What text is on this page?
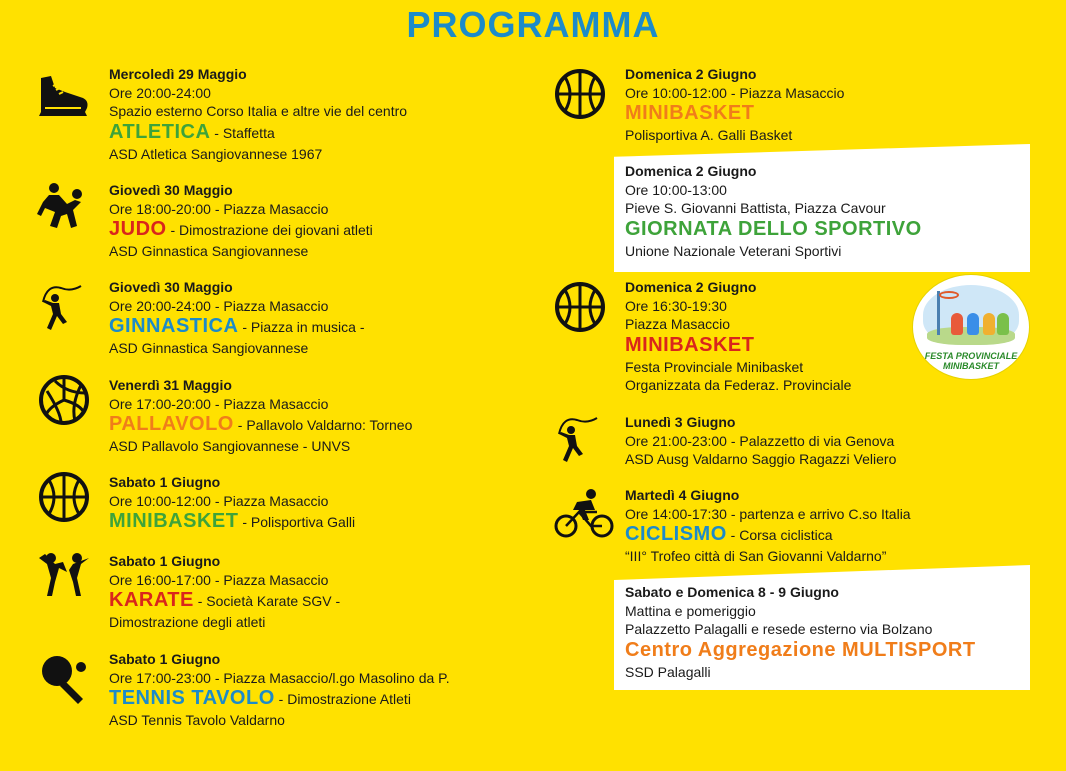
PROGRAMMA
Mercoledì 29 Maggio
Ore 20:00-24:00
Spazio esterno Corso Italia e altre vie del centro
ATLETICA - Staffetta
ASD Atletica Sangiovannese 1967
Giovedì 30 Maggio
Ore 18:00-20:00 - Piazza Masaccio
JUDO - Dimostrazione dei giovani atleti
ASD Ginnastica Sangiovannese
Giovedì 30 Maggio
Ore 20:00-24:00 - Piazza Masaccio
GINNASTICA - Piazza in musica -
ASD Ginnastica Sangiovannese
Venerdì 31 Maggio
Ore 17:00-20:00 - Piazza Masaccio
PALLAVOLO - Pallavolo Valdarno: Torneo
ASD Pallavolo Sangiovannese - UNVS
Sabato 1 Giugno
Ore 10:00-12:00 - Piazza Masaccio
MINIBASKET - Polisportiva Galli
Sabato 1 Giugno
Ore 16:00-17:00 - Piazza Masaccio
KARATE - Società Karate SGV -
Dimostrazione degli atleti
Sabato 1 Giugno
Ore 17:00-23:00 - Piazza Masaccio/l.go Masolino da P.
TENNIS TAVOLO - Dimostrazione Atleti
ASD Tennis Tavolo Valdarno
Domenica 2 Giugno
Ore 10:00-12:00 - Piazza Masaccio
MINIBASKET
Polisportiva A. Galli Basket
Domenica 2 Giugno
Ore 10:00-13:00
Pieve S. Giovanni Battista, Piazza Cavour
GIORNATA DELLO SPORTIVO
Unione Nazionale Veterani Sportivi
Domenica 2 Giugno
Ore 16:30-19:30
Piazza Masaccio
MINIBASKET
Festa Provinciale Minibasket
Organizzata da Federaz. Provinciale
FESTA PROVINCIALE
MINIBASKET
Lunedì 3 Giugno
Ore 21:00-23:00 - Palazzetto di via Genova
ASD Ausg Valdarno Saggio Ragazzi Veliero
Martedì 4 Giugno
Ore 14:00-17:30 - partenza e arrivo C.so Italia
CICLISMO - Corsa ciclistica
“III° Trofeo città di San Giovanni Valdarno”
Sabato e Domenica 8 - 9 Giugno
Mattina e pomeriggio
Palazzetto Palagalli e resede esterno via Bolzano
Centro Aggregazione MULTISPORT
SSD Palagalli
